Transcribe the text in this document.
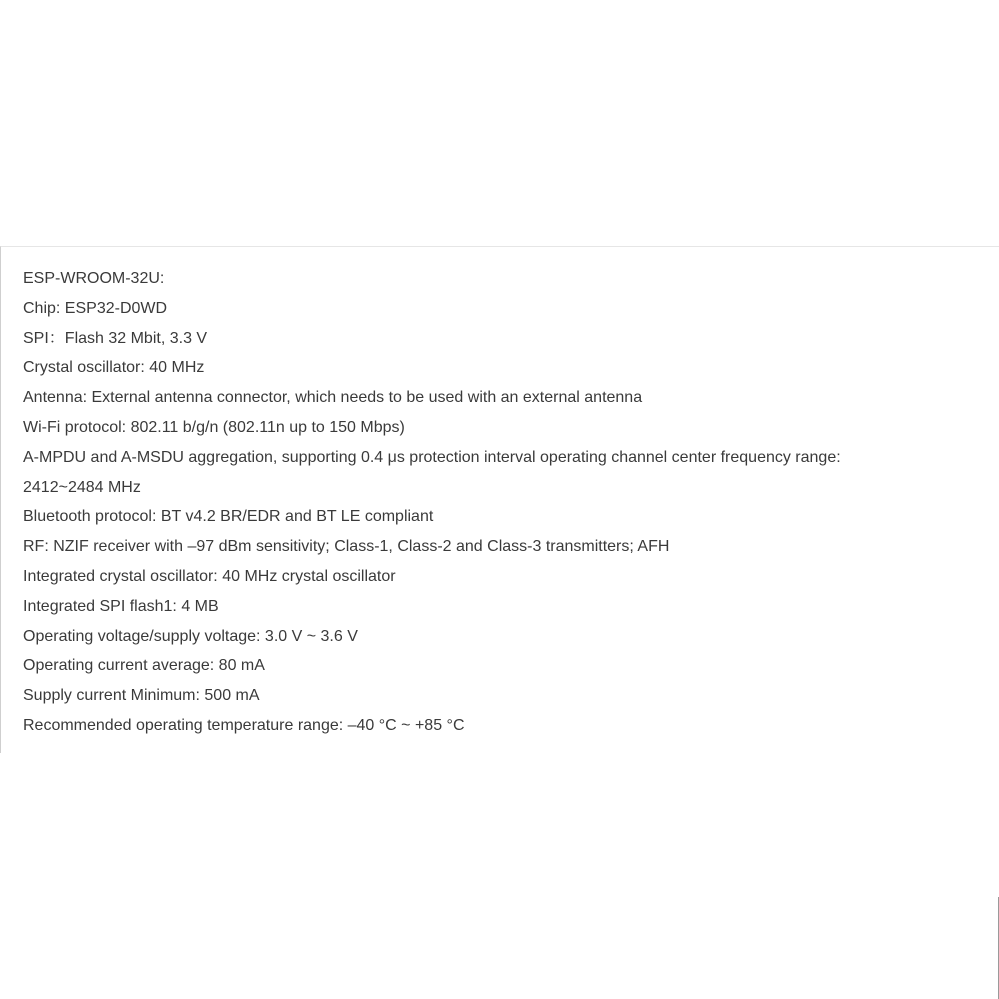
ESP-WROOM-32U:
Chip: ESP32-D0WD
SPI：Flash 32 Mbit, 3.3 V
Crystal oscillator: 40 MHz
Antenna: External antenna connector, which needs to be used with an external antenna
Wi-Fi protocol: 802.11 b/g/n (802.11n up to 150 Mbps)
A-MPDU and A-MSDU aggregation, supporting 0.4 μs protection interval operating channel center frequency range:
2412~2484 MHz
Bluetooth protocol: BT v4.2 BR/EDR and BT LE compliant
RF: NZIF receiver with –97 dBm sensitivity; Class-1, Class-2 and Class-3 transmitters; AFH
Integrated crystal oscillator: 40 MHz crystal oscillator
Integrated SPI flash1: 4 MB
Operating voltage/supply voltage: 3.0 V ~ 3.6 V
Operating current average: 80 mA
Supply current Minimum: 500 mA
Recommended operating temperature range: –40 °C ~ +85 °C
